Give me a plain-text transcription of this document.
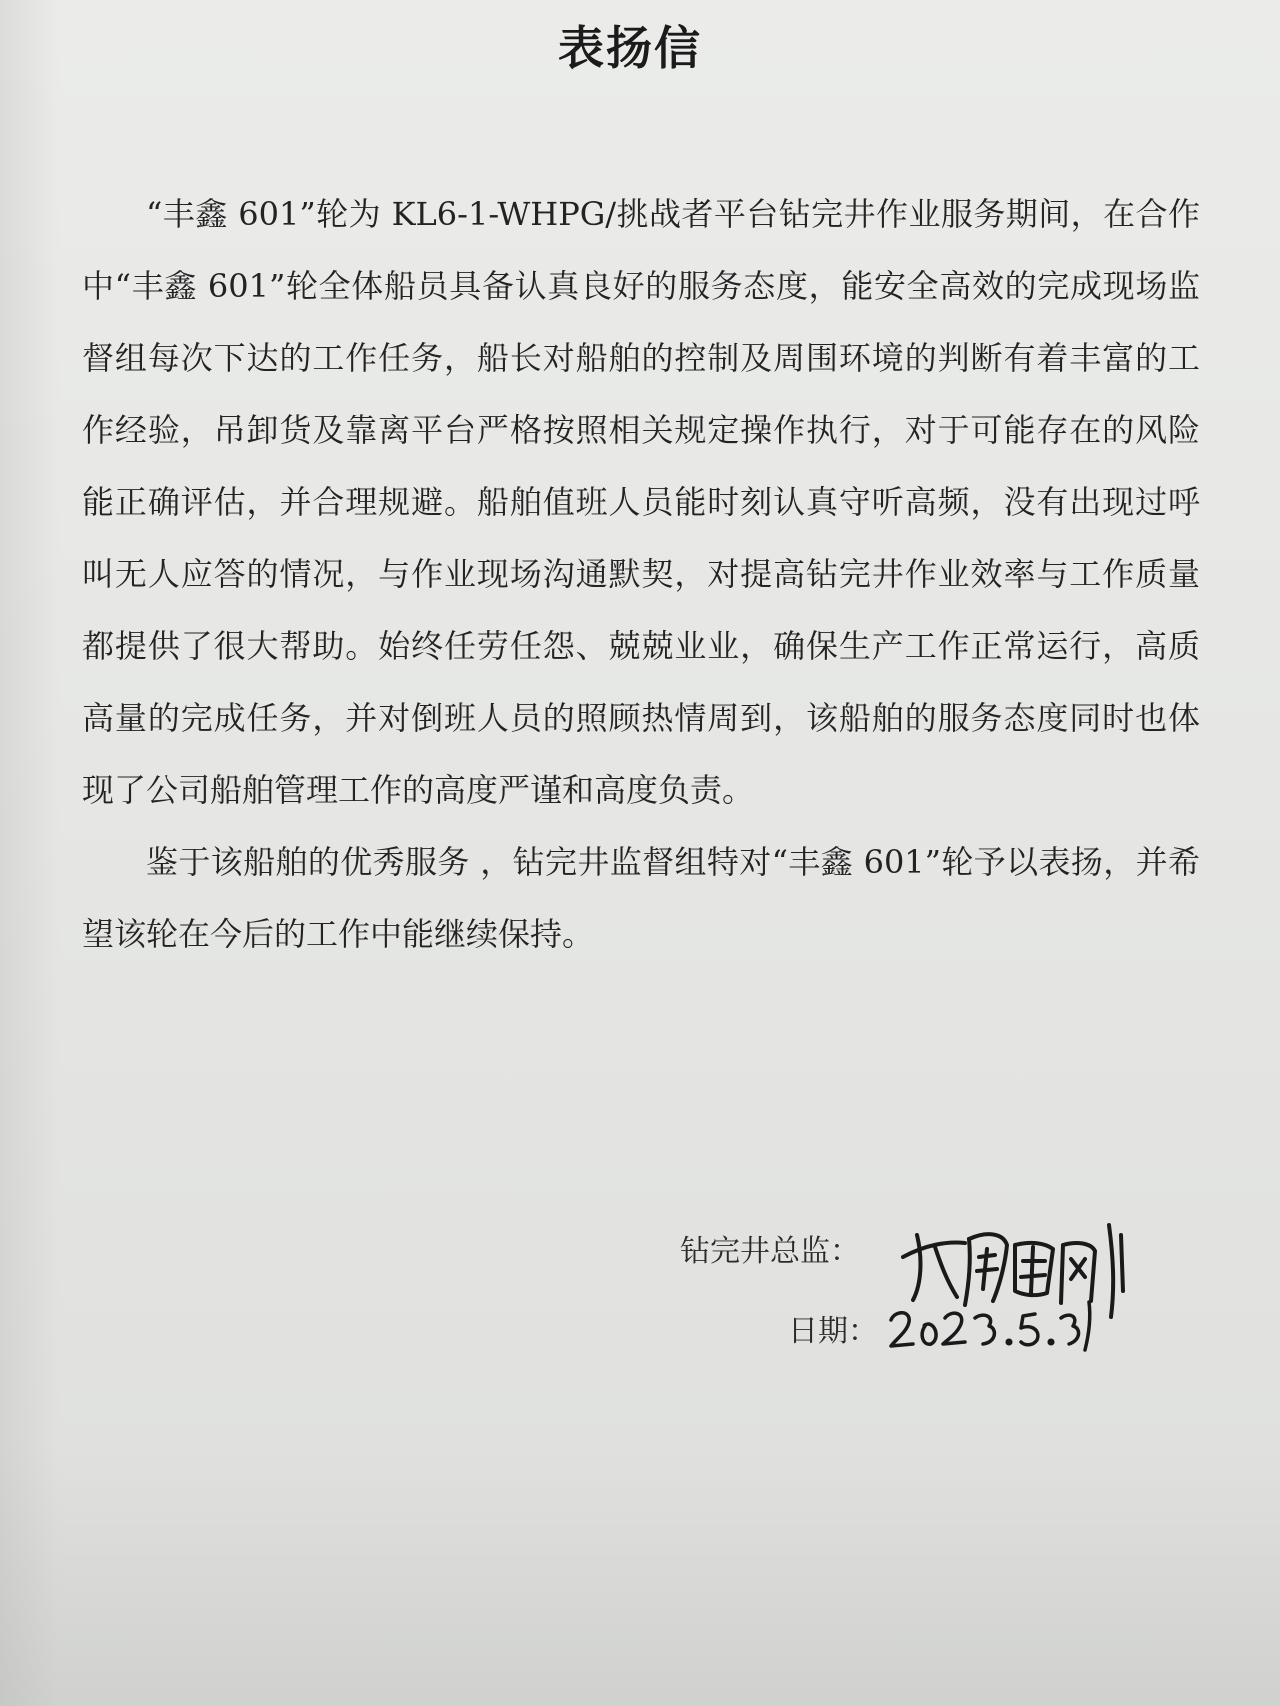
表扬信

“丰鑫 601”轮为 KL6-1-WHPG/挑战者平台钻完井作业服务期间，在合作中“丰鑫 601”轮全体船员具备认真良好的服务态度，能安全高效的完成现场监督组每次下达的工作任务，船长对船舶的控制及周围环境的判断有着丰富的工作经验，吊卸货及靠离平台严格按照相关规定操作执行，对于可能存在的风险能正确评估，并合理规避。船舶值班人员能时刻认真守听高频，没有出现过呼叫无人应答的情况，与作业现场沟通默契，对提高钻完井作业效率与工作质量都提供了很大帮助。始终任劳任怨、兢兢业业，确保生产工作正常运行，高质高量的完成任务，并对倒班人员的照顾热情周到，该船舶的服务态度同时也体现了公司船舶管理工作的高度严谨和高度负责。

鉴于该船舶的优秀服务 ，钻完井监督组特对“丰鑫 601”轮予以表扬，并希望该轮在今后的工作中能继续保持。

钻完井总监：
日期：
